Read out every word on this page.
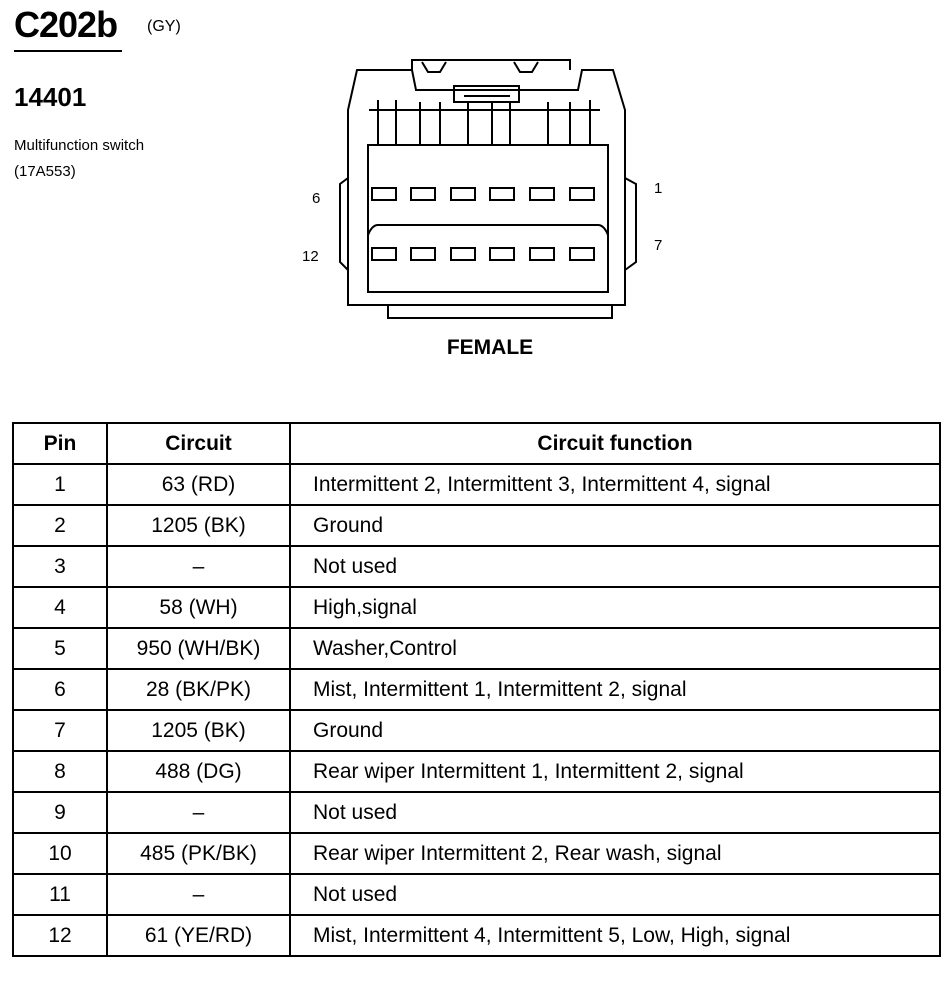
C202b (GY)
14401
Multifunction switch
(17A553)
6
12
1
7
FEMALE
Pin	Circuit	Circuit function
1	63 (RD)	Intermittent 2, Intermittent 3, Intermittent 4, signal
2	1205 (BK)	Ground
3	–	Not used
4	58 (WH)	High,signal
5	950 (WH/BK)	Washer,Control
6	28 (BK/PK)	Mist, Intermittent 1, Intermittent 2, signal
7	1205 (BK)	Ground
8	488 (DG)	Rear wiper Intermittent 1, Intermittent 2, signal
9	–	Not used
10	485 (PK/BK)	Rear wiper Intermittent 2, Rear wash, signal
11	–	Not used
12	61 (YE/RD)	Mist, Intermittent 4, Intermittent 5, Low, High, signal
